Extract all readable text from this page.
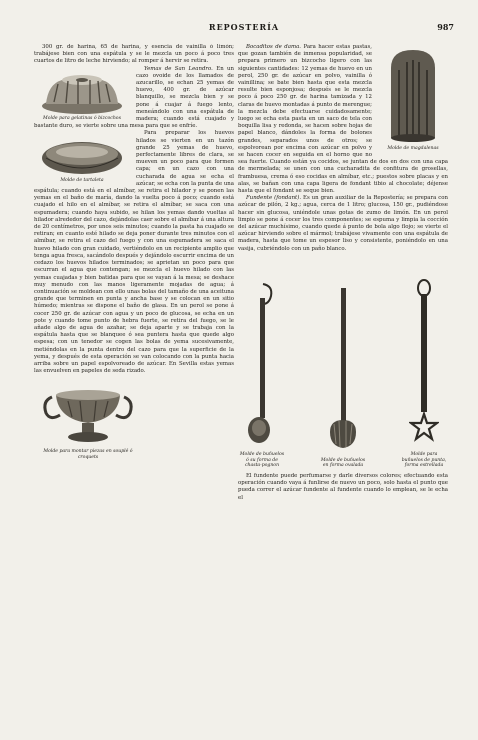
REPOSTERÍA	987

300 gr. de harina, 65 de harina, y esencia de vainilla ó limón; trabájese bien con una espátula y se le mezcla un poco á poco tres cuartos de litro de leche hirviendo; al romper á hervir se retira.

Molde para gelatinas ó bizcochos

Yemas de San Leandro. En un cazo ovoide de los llamados de azucarillo, se echan 25 yemas de huevo, 400 gr. de azúcar blanquillo, se mezcla bien y se pone á cuajar á fuego lento, meneándolo con una espátula de madera; cuando está cuajado y bastante duro, se vierte sobre una mesa para que se enfríe.

Molde de tartaleta

Para preparar los huevos hilados se vierten en un tazón grande 25 yemas de huevo, perfectamente libres de clara, se mueven un poco para que formen capa; en un cazo con una cucharada de agua se echa el azúcar, se echa con la punta de una espátula; cuando está en el almíbar, se retira el hilador y se ponen las yemas en el baño de maría, dando la vuelta poco á poco; cuando está cuajado el hilo en el almíbar, se retira el almíbar, se saca con una espumadera; cuando haya subido, se hilan los yemas dando vueltas al hilador alrededor del cazo, dejándolas caer sobre el almíbar á una altura de 20 centímetros, por unos seis minutos; cuando la pasta ha cuajado se retiran; en cuanto esté hilado se deja poner durante tres minutos con el almíbar, se retira el cazo del fuego y con una espumadera se saca el huevo hilado con gran cuidado, vertiéndolo en un recipiente amplio que tenga agua fresca, sacándolo después y dejándolo escurrir encima de un cedazo los huevos hilados terminados; se aprietan un poco para que escurran el agua que contengan; se mezcla el huevo hilado con las yemas cuajadas y bien batidas para que se vayan á la mesa; se deshace muy menudo con las manos ligeramente mojadas de agua; á continuación se moldean con ello unas bolas del tamaño de una aceituna grande que terminen en punta y ancha base y se colocan en un sitio húmedo; mientras se dispone el baño de glasa. En un perol se pone á cocer 250 gr. de azúcar con agua y un poco de glucosa, se echa en un pote y cuando tome punto de hebra fuerte, se retira del fuego, se le añade algo de agua de azahar, se deja aparte y se trabaja con la espátula hasta que se blanquee ó sea puntera hasta que quede algo espesa; con un tenedor se cogen las bolas de yema sucesivamente, metiéndolas en la punta dentro del cazo para que la superficie de la yema, y después de esta operación se van colocando con la punta hacia arriba sobre un papel espolvoreado de azúcar. En Sevilla estas yemas las envuelven en papeles de seda rizado.

Molde para montar piezas en souplé ó croquets
Molde de magdalenas

Bocaditos de dama. Para hacer estas pastas, que gozan también de inmensa popularidad, se prepara primero un bizcocho ligero con las siguientes cantidades: 12 yemas de huevo en un perol, 250 gr. de azúcar en polvo, vainilla ó vainillina; se bate bien hasta que esta mezcla resulte bien esponjosa; después se le mezcla poco á poco 250 gr. de harina tamizada y 12 claras de huevo montadas á punto de merengue; la mezcla debe efectuarse cuidadosamente; luego se echa esta pasta en un saco de tela con boquilla lisa y redonda, se hacen sobre hojas de papel blanco, dándoles la forma de bolones grandes, separados unos de otros; se espolvorean por encima con azúcar en polvo y se hacen cocer en seguida en el horno que no sea fuerte. Cuando están ya cocidos, se juntan de dos en dos con una capa de mermelada; se unen con una cucharadita de confitura de grosellas, frambuesa, crema ó eso cocidas en almíbar, etc.; puestos sobre placas y en alas, se bañan con una capa ligera de fondant tibio al chocolate; déjense hasta que el fondant se seque bien.

Fundente (fondant). Es un gran auxiliar de la Repostería; se prepara con azúcar de pilón, 2 kg.; agua, cerca de 1 litro; glucosa, 150 gr., pudiéndose hacer sin glucosa, uniéndole unas gotas de zumo de limón. En un perol limpio se pone á cocer los tres componentes; se espuma y limpia la cocción del azúcar muchísimo, cuando quede á punto de bola algo flojo; se vierte el azúcar hirviendo sobre el mármol; trabájese vivamente con una espátula de madera, hasta que tome un espesor liso y consistente, poniéndolo en una vasija, cubriéndolo con un paño blanco.

Molde de buñuelos ó su forma de chasta-pognon
Molde de buñuelos en forma ovalada
Molde para buñuelos de punta, forma estrellada

El fundente puede perfumarse y darle diversos colores; efectuando esta operación cuando vaya á funlirse de nuevo un poco, solo hasta el punto que pueda correr el azúcar fundente al fundente cuando lo emplean, se le echa el
